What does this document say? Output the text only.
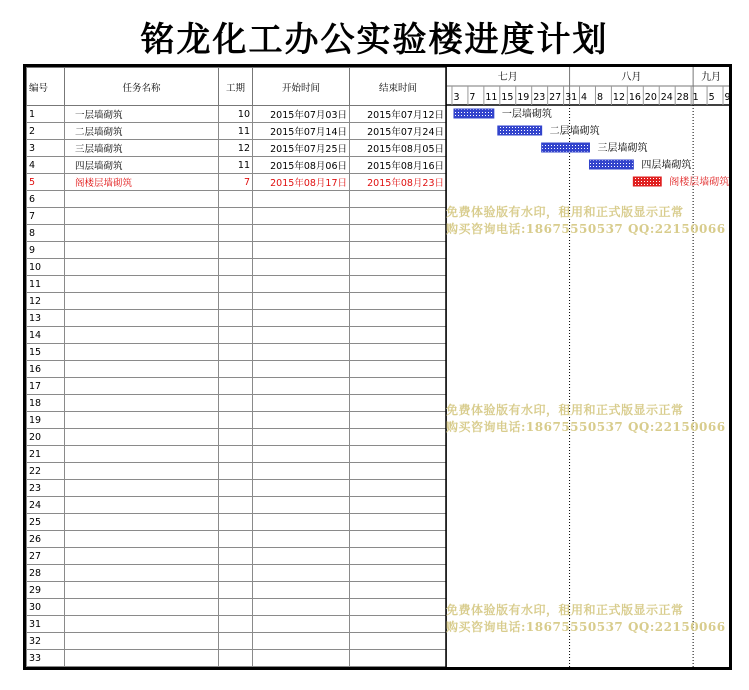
铭龙化工办公实验楼进度计划
编号	任务名称	工期	开始时间	结束时间
1	一层墙砌筑	10	2015年07月03日	2015年07月12日
2	二层墙砌筑	11	2015年07月14日	2015年07月24日
3	三层墙砌筑	12	2015年07月25日	2015年08月05日
4	四层墙砌筑	11	2015年08月06日	2015年08月16日
5	阁楼层墙砌筑	7	2015年08月17日	2015年08月23日
6				
7				
8				
9				
10				
11				
12				
13				
14				
15				
16				
17				
18				
19				
20				
21				
22				
23				
24				
25				
26				
27				
28				
29				
30				
31				
32				
33				
七月	八月	九月
3 7 11 15 19 23 27 31 4 8 12 16 20 24 28 1 5 9
一层墙砌筑
二层墙砌筑
三层墙砌筑
四层墙砌筑
阁楼层墙砌筑
免费体验版有水印，租用和正式版显示正常
购买咨询电话:18675550537 QQ:22150066
免费体验版有水印，租用和正式版显示正常
购买咨询电话:18675550537 QQ:22150066
免费体验版有水印，租用和正式版显示正常
购买咨询电话:18675550537 QQ:22150066
